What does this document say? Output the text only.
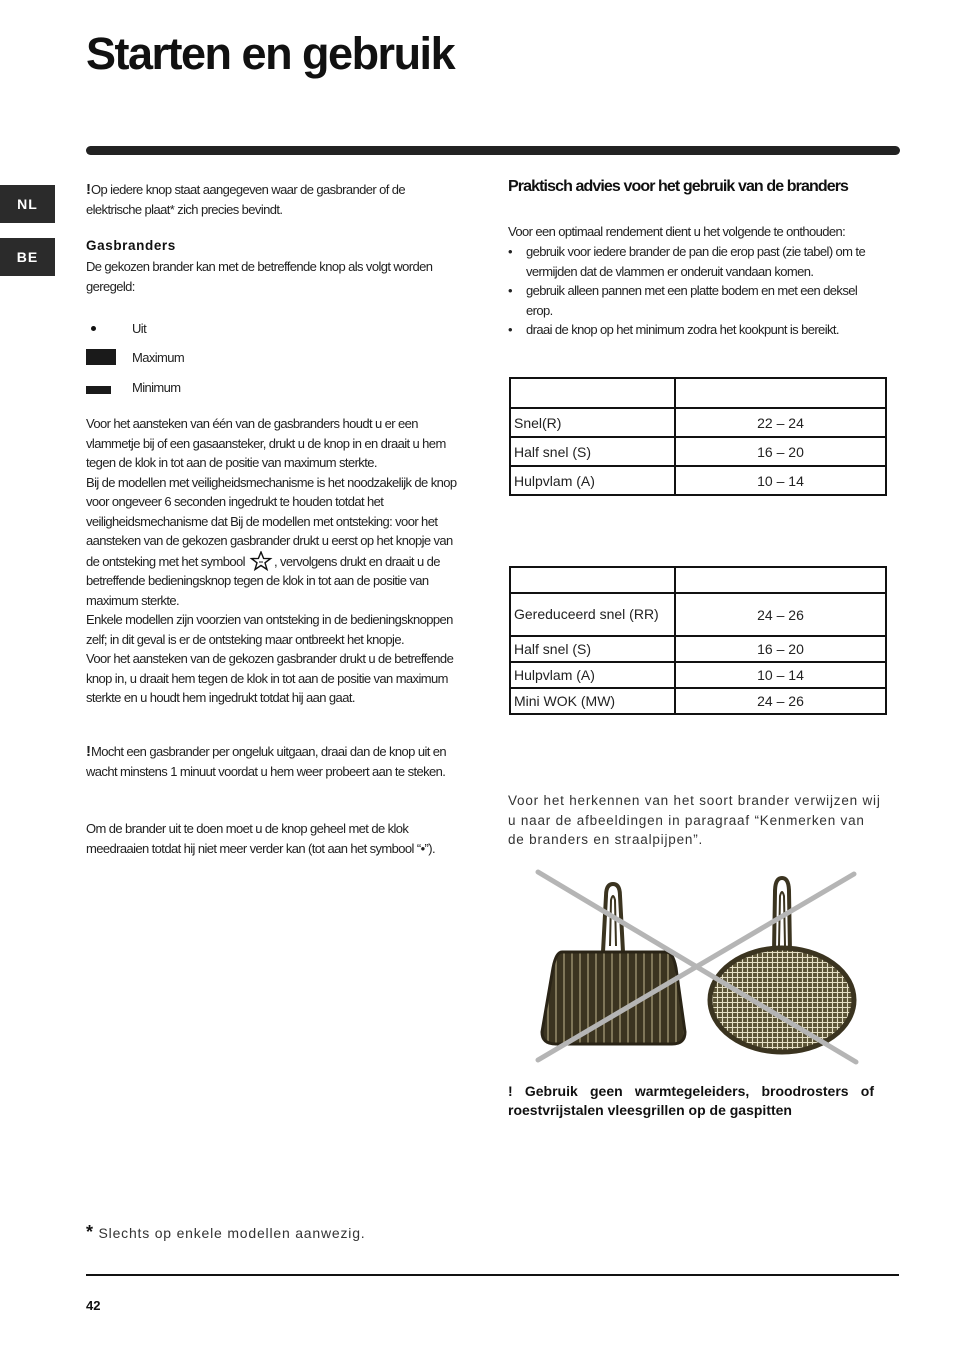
Starten en gebruik
NL
BE
!Op iedere knop staat aangegeven waar de gasbrander of de elektrische plaat* zich precies bevindt.
Gasbranders
De gekozen brander kan met de betreffende knop als volgt worden geregeld:
Uit
Maximum
Minimum

Voor het aansteken van één van de gasbranders houdt u er een vlammetje bij of een gasaansteker, drukt u de knop in en draait u hem tegen de klok in tot aan de positie van maximum sterkte.

Bij de modellen met veiligheidsmechanisme is het noodzakelijk de knop voor ongeveer 6 seconden ingedrukt te houden totdat het veiligheidsmechanisme dat Bij de modellen met ontsteking: voor het aansteken van de gekozen gasbrander drukt u eerst op het knopje van de ontsteking met het symbool , vervolgens drukt en draait u de betreffende bedieningsknop tegen de klok in tot aan de positie van maximum sterkte.

Enkele modellen zijn voorzien van ontsteking in de bedieningsknoppen zelf; in dit geval is er de ontsteking maar ontbreekt het knopje.

Voor het aansteken van de gekozen gasbrander drukt u de betreffende knop in, u draait hem tegen de klok in tot aan de positie van maximum sterkte en u houdt hem ingedrukt totdat hij aan gaat.

!Mocht een gasbrander per ongeluk uitgaan, draai dan de knop uit en wacht minstens 1 minuut voordat u hem weer probeert aan te steken.
Om de brander uit te doen moet u de knop geheel met de klok meedraaien totdat hij niet meer verder kan (tot aan het symbool “•”).
Praktisch advies voor het gebruik van de branders
Voor een optimaal rendement dient u het volgende te onthouden:
• gebruik voor iedere brander de pan die erop past (zie tabel) om te vermijden dat de vlammen er onderuit vandaan komen.
• gebruik alleen pannen met een platte bodem en met een deksel erop.
• draai de knop op het minimum zodra het kookpunt is bereikt.

Snel(R)	22 – 24
Half snel (S)	16 – 20
Hulpvlam (A)	10 – 14

Gereduceerd snel (RR)	24 – 26
Half snel (S)	16 – 20
Hulpvlam (A)	10 – 14
Mini WOK (MW)	24 – 26
Voor het herkennen van het soort brander verwijzen wij u naar de afbeeldingen in paragraaf “Kenmerken van de branders en straalpijpen”.
! Gebruik geen warmtegeleiders, broodrosters of roestvrijstalen vleesgrillen op de gaspitten
* Slechts op enkele modellen aanwezig.
42
